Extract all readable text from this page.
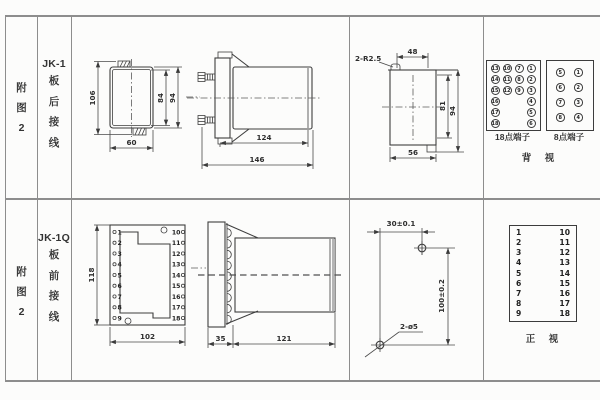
附
图
2
JK-1
板
后
接
线
106	84 94
60
124
146
2-R2.5
48
81 94
56
13
14
15
16
17
18
10
11
12
7
8
9
1
2
3
4
5
6
5
6
7
8
1
2
3
4
18点端子	8点端子
背　视
附
图
2
JK-1Q
板
前
接
线
1
2
3
4
5
6
7
8
9
10
11
12
13
14
15
16
17
18
118
102	35	121
30±0.1
100±0.2
2-ø5
1	10
2	11
3	12
4	13
5	14
6	15
7	16
8	17
9	18
正　视
